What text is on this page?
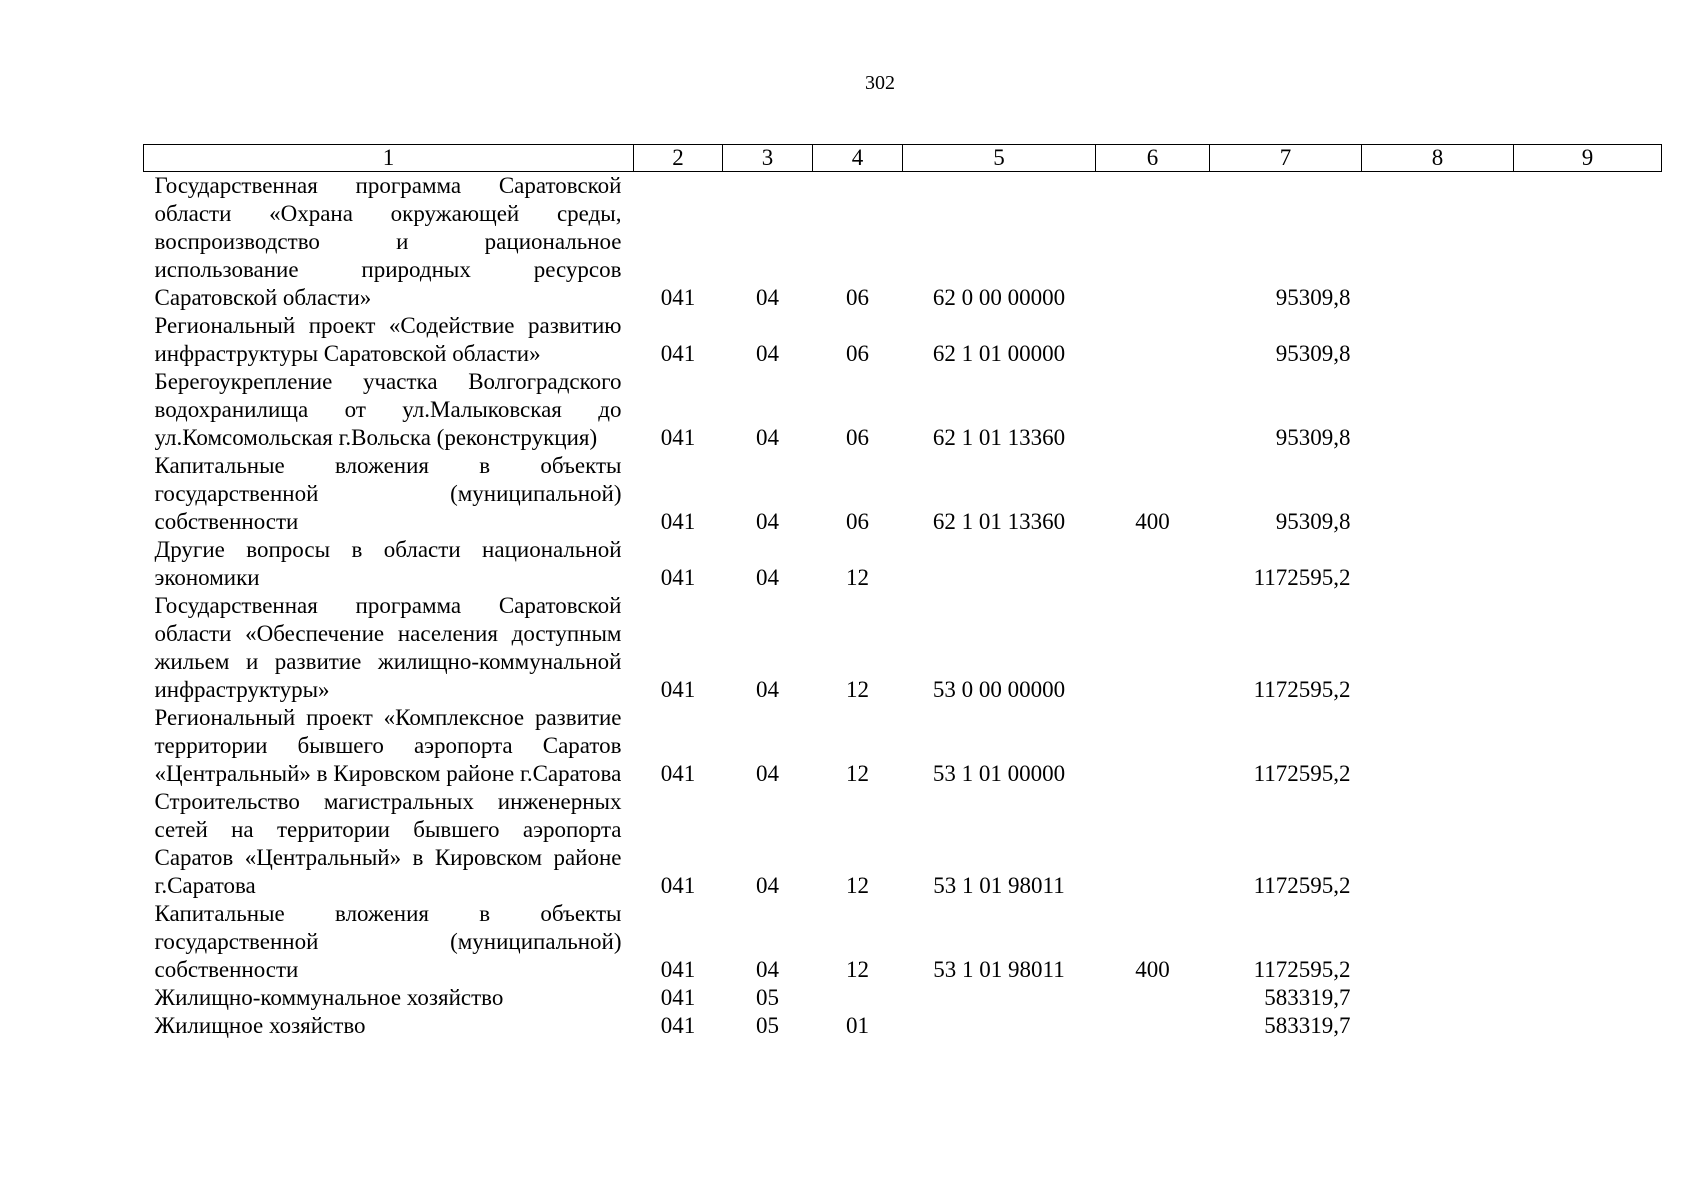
302
1	2	3	4	5	6	7	8	9
Государственная программа Саратовской области «Охрана окружающей среды, воспроизводство и рациональное использование природных ресурсов Саратовской области»	041	04	06	62 0 00 00000		95309,8		
Региональный проект «Содействие развитию инфраструктуры Саратовской области»	041	04	06	62 1 01 00000		95309,8		
Берегоукрепление участка Волгоградского водохранилища от ул.Малыковская до ул.Комсомольская г.Вольска (реконструкция)	041	04	06	62 1 01 13360		95309,8		
Капитальные вложения в объекты государственной (муниципальной) собственности	041	04	06	62 1 01 13360	400	95309,8		
Другие вопросы в области национальной экономики	041	04	12			1172595,2		
Государственная программа Саратовской области «Обеспечение населения доступным жильем и развитие жилищно-коммунальной инфраструктуры»	041	04	12	53 0 00 00000		1172595,2		
Региональный проект «Комплексное развитие территории бывшего аэропорта Саратов «Центральный» в Кировском районе г.Саратова	041	04	12	53 1 01 00000		1172595,2		
Строительство магистральных инженерных сетей на территории бывшего аэропорта Саратов «Центральный» в Кировском районе г.Саратова	041	04	12	53 1 01 98011		1172595,2		
Капитальные вложения в объекты государственной (муниципальной) собственности	041	04	12	53 1 01 98011	400	1172595,2		
Жилищно-коммунальное хозяйство	041	05				583319,7		
Жилищное хозяйство	041	05	01			583319,7		
